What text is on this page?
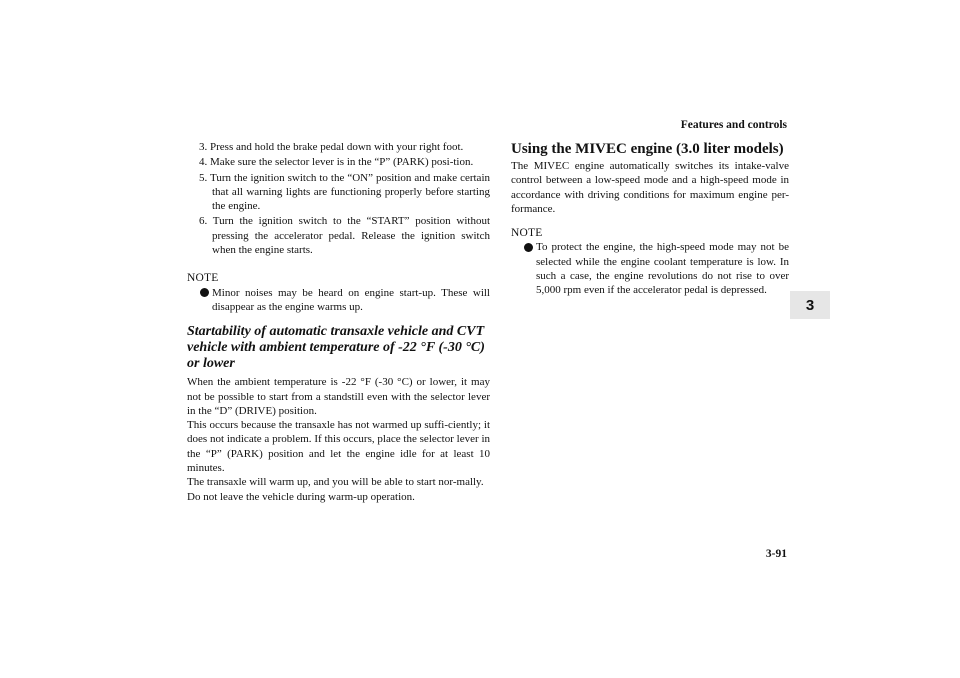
Features and controls
3
3. Press and hold the brake pedal down with your right foot.
4. Make sure the selector lever is in the “P” (PARK) posi-tion.
5. Turn the ignition switch to the “ON” position and make certain that all warning lights are functioning properly before starting the engine.
6. Turn the ignition switch to the “START” position without pressing the accelerator pedal. Release the ignition switch when the engine starts.

NOTE

Minor noises may be heard on engine start-up. These will disappear as the engine warms up.
Startability of automatic transaxle vehicle and CVT vehicle with ambient temperature of -22 °F (-30 °C) or lower

When the ambient temperature is -22 °F (-30 °C) or lower, it may not be possible to start from a standstill even with the selector lever in the “D” (DRIVE) position.

This occurs because the transaxle has not warmed up suffi-ciently; it does not indicate a problem. If this occurs, place the selector lever in the “P” (PARK) position and let the engine idle for at least 10 minutes.

The transaxle will warm up, and you will be able to start nor-mally.

Do not leave the vehicle during warm-up operation.

Using the MIVEC engine (3.0 liter models)

The MIVEC engine automatically switches its intake-valve control between a low-speed mode and a high-speed mode in accordance with driving conditions for maximum engine per-formance.

NOTE

To protect the engine, the high-speed mode may not be selected while the engine coolant temperature is low. In such a case, the engine revolutions do not rise to over 5,000 rpm even if the accelerator pedal is depressed.
3-91
